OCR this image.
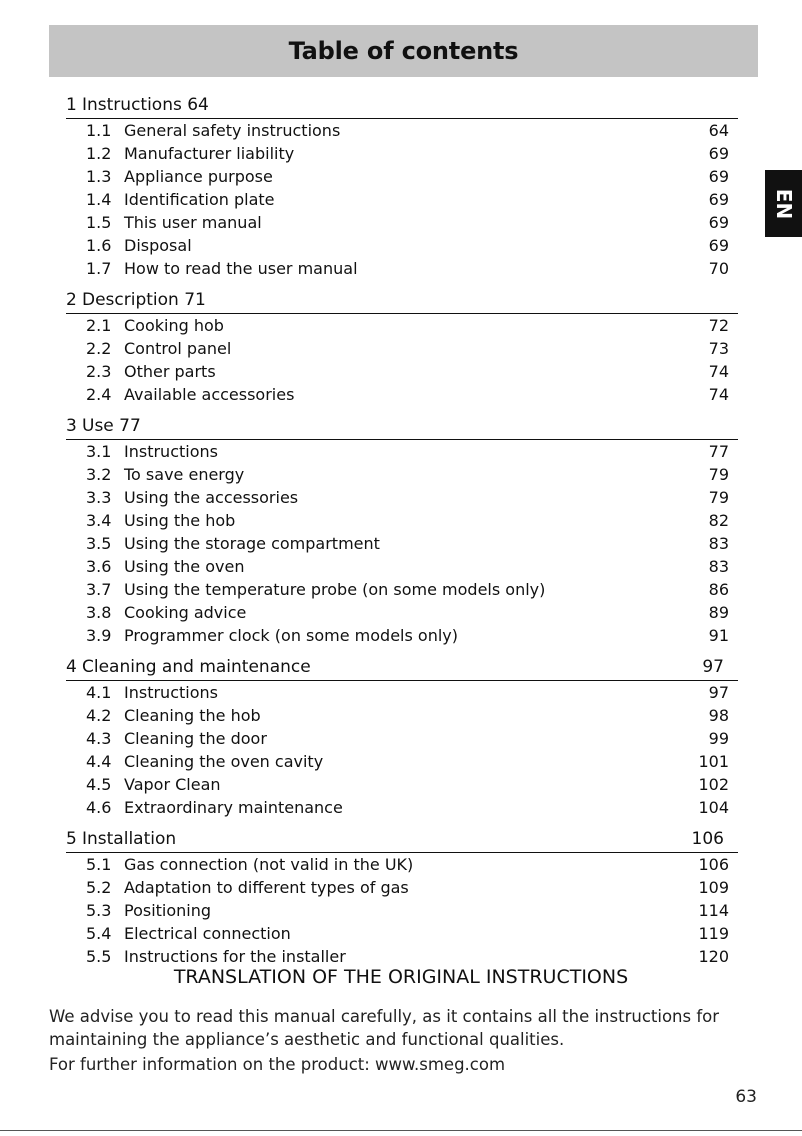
Table of contents
EN
1 Instructions 64
1.1 General safety instructions	64
1.2 Manufacturer liability	69
1.3 Appliance purpose	69
1.4 Identification plate	69
1.5 This user manual	69
1.6 Disposal	69
1.7 How to read the user manual	70
2 Description 71
2.1 Cooking hob	72
2.2 Control panel	73
2.3 Other parts	74
2.4 Available accessories	74
3 Use 77
3.1 Instructions	77
3.2 To save energy	79
3.3 Using the accessories	79
3.4 Using the hob	82
3.5 Using the storage compartment	83
3.6 Using the oven	83
3.7 Using the temperature probe (on some models only)	86
3.8 Cooking advice	89
3.9 Programmer clock (on some models only)	91
4 Cleaning and maintenance	97
4.1 Instructions	97
4.2 Cleaning the hob	98
4.3 Cleaning the door	99
4.4 Cleaning the oven cavity	101
4.5 Vapor Clean	102
4.6 Extraordinary maintenance	104
5 Installation	106
5.1 Gas connection (not valid in the UK)	106
5.2 Adaptation to different types of gas	109
5.3 Positioning	114
5.4 Electrical connection	119
5.5 Instructions for the installer	120
TRANSLATION OF THE ORIGINAL INSTRUCTIONS

We advise you to read this manual carefully, as it contains all the instructions for maintaining the appliance’s aesthetic and functional qualities.

For further information on the product: www.smeg.com

63
